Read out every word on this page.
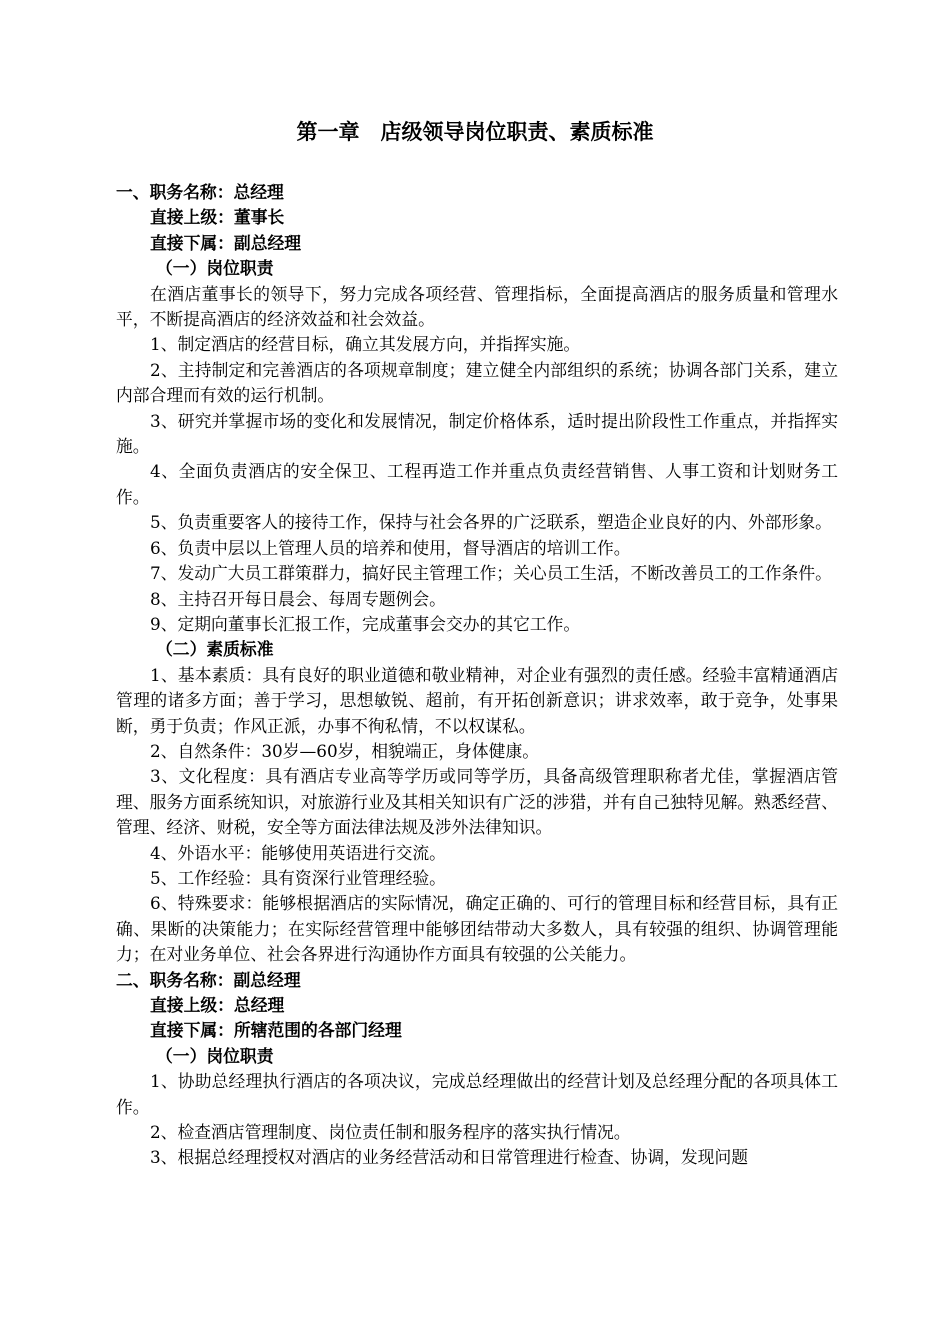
第一章　店级领导岗位职责、素质标准

一、职务名称：总经理

直接上级：董事长

直接下属：副总经理

（一）岗位职责

在酒店董事长的领导下，努力完成各项经营、管理指标，全面提高酒店的服务质量和管理水平，不断提高酒店的经济效益和社会效益。

1、制定酒店的经营目标，确立其发展方向，并指挥实施。

2、主持制定和完善酒店的各项规章制度；建立健全内部组织的系统；协调各部门关系，建立内部合理而有效的运行机制。

3、研究并掌握市场的变化和发展情况，制定价格体系，适时提出阶段性工作重点，并指挥实施。

4、全面负责酒店的安全保卫、工程再造工作并重点负责经营销售、人事工资和计划财务工作。

5、负责重要客人的接待工作，保持与社会各界的广泛联系，塑造企业良好的内、外部形象。

6、负责中层以上管理人员的培养和使用，督导酒店的培训工作。

7、发动广大员工群策群力，搞好民主管理工作；关心员工生活，不断改善员工的工作条件。

8、主持召开每日晨会、每周专题例会。

9、定期向董事长汇报工作，完成董事会交办的其它工作。

（二）素质标准

1、基本素质：具有良好的职业道德和敬业精神，对企业有强烈的责任感。经验丰富精通酒店管理的诸多方面；善于学习，思想敏锐、超前，有开拓创新意识；讲求效率，敢于竞争，处事果断，勇于负责；作风正派，办事不徇私情，不以权谋私。

2、自然条件：30岁—60岁，相貌端正，身体健康。

3、文化程度：具有酒店专业高等学历或同等学历，具备高级管理职称者尤佳，掌握酒店管理、服务方面系统知识，对旅游行业及其相关知识有广泛的涉猎，并有自己独特见解。熟悉经营、管理、经济、财税，安全等方面法律法规及涉外法律知识。

4、外语水平：能够使用英语进行交流。

5、工作经验：具有资深行业管理经验。

6、特殊要求：能够根据酒店的实际情况，确定正确的、可行的管理目标和经营目标，具有正确、果断的决策能力；在实际经营管理中能够团结带动大多数人，具有较强的组织、协调管理能力；在对业务单位、社会各界进行沟通协作方面具有较强的公关能力。

二、职务名称：副总经理

直接上级：总经理

直接下属：所辖范围的各部门经理

（一）岗位职责

1、协助总经理执行酒店的各项决议，完成总经理做出的经营计划及总经理分配的各项具体工作。

2、检查酒店管理制度、岗位责任制和服务程序的落实执行情况。

3、根据总经理授权对酒店的业务经营活动和日常管理进行检查、协调，发现问题
